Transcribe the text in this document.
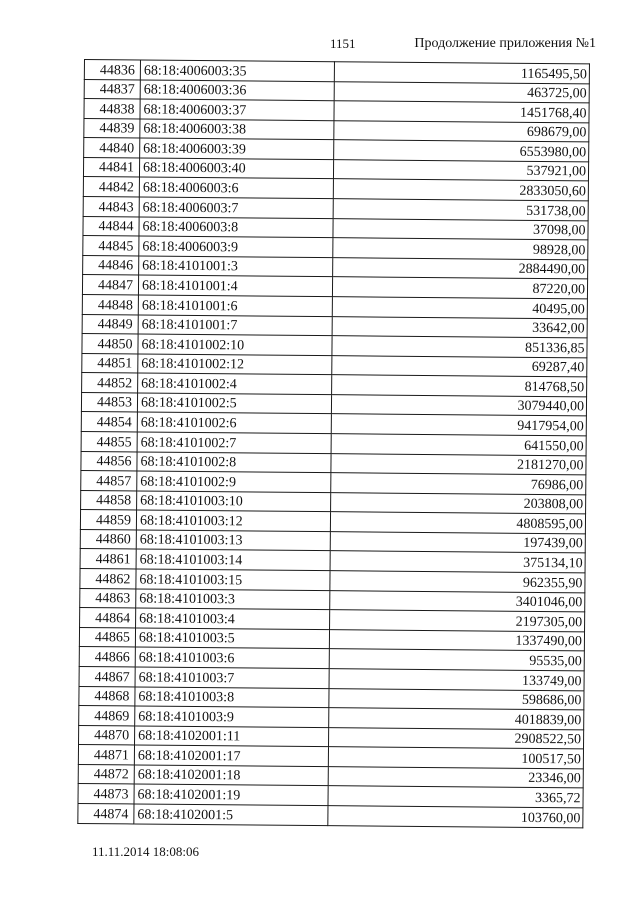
1151	Продолжение приложения №1
44836	68:18:4006003:35	1165495,50
44837	68:18:4006003:36	463725,00
44838	68:18:4006003:37	1451768,40
44839	68:18:4006003:38	698679,00
44840	68:18:4006003:39	6553980,00
44841	68:18:4006003:40	537921,00
44842	68:18:4006003:6	2833050,60
44843	68:18:4006003:7	531738,00
44844	68:18:4006003:8	37098,00
44845	68:18:4006003:9	98928,00
44846	68:18:4101001:3	2884490,00
44847	68:18:4101001:4	87220,00
44848	68:18:4101001:6	40495,00
44849	68:18:4101001:7	33642,00
44850	68:18:4101002:10	851336,85
44851	68:18:4101002:12	69287,40
44852	68:18:4101002:4	814768,50
44853	68:18:4101002:5	3079440,00
44854	68:18:4101002:6	9417954,00
44855	68:18:4101002:7	641550,00
44856	68:18:4101002:8	2181270,00
44857	68:18:4101002:9	76986,00
44858	68:18:4101003:10	203808,00
44859	68:18:4101003:12	4808595,00
44860	68:18:4101003:13	197439,00
44861	68:18:4101003:14	375134,10
44862	68:18:4101003:15	962355,90
44863	68:18:4101003:3	3401046,00
44864	68:18:4101003:4	2197305,00
44865	68:18:4101003:5	1337490,00
44866	68:18:4101003:6	95535,00
44867	68:18:4101003:7	133749,00
44868	68:18:4101003:8	598686,00
44869	68:18:4101003:9	4018839,00
44870	68:18:4102001:11	2908522,50
44871	68:18:4102001:17	100517,50
44872	68:18:4102001:18	23346,00
44873	68:18:4102001:19	3365,72
44874	68:18:4102001:5	103760,00
11.11.2014 18:08:06
